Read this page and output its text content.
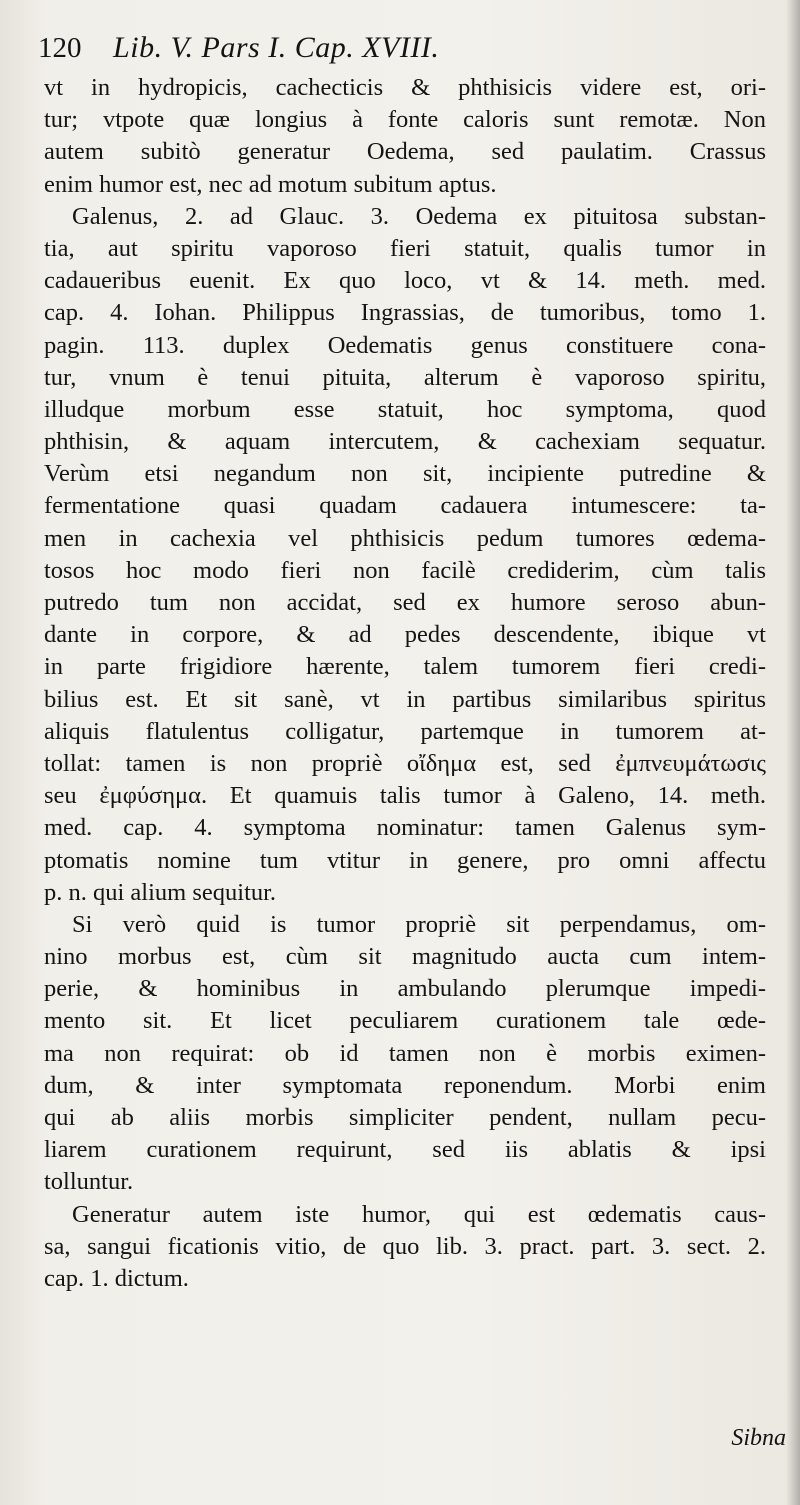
120 Lib. V. Pars I. Cap. XVIII.
vt in hydropicis, cachecticis & phthisicis videre est, ori-
tur; vtpote quæ longius à fonte caloris sunt remotæ. Non
autem subitò generatur Oedema, sed paulatim. Crassus
enim humor est, nec ad motum subitum aptus.
Galenus, 2. ad Glauc. 3. Oedema ex pituitosa substan-
tia, aut spiritu vaporoso fieri statuit, qualis tumor in
cadaueribus euenit. Ex quo loco, vt & 14. meth. med.
cap. 4. Iohan. Philippus Ingrassias, de tumoribus, tomo 1.
pagin. 113. duplex Oedematis genus constituere cona-
tur, vnum è tenui pituita, alterum è vaporoso spiritu,
illudque morbum esse statuit, hoc symptoma, quod
phthisin, & aquam intercutem, & cachexiam sequatur.
Verùm etsi negandum non sit, incipiente putredine &
fermentatione quasi quadam cadauera intumescere: ta-
men in cachexia vel phthisicis pedum tumores œdema-
tosos hoc modo fieri non facilè crediderim, cùm talis
putredo tum non accidat, sed ex humore seroso abun-
dante in corpore, & ad pedes descendente, ibique vt
in parte frigidiore hærente, talem tumorem fieri credi-
bilius est. Et sit sanè, vt in partibus similaribus spiritus
aliquis flatulentus colligatur, partemque in tumorem at-
tollat: tamen is non propriè οἴδημα est, sed ἐμπνευμάτωσις
seu ἐμφύσημα. Et quamuis talis tumor à Galeno, 14. meth.
med. cap. 4. symptoma nominatur: tamen Galenus sym-
ptomatis nomine tum vtitur in genere, pro omni affectu
p. n. qui alium sequitur.
Si verò quid is tumor propriè sit perpendamus, om-
nino morbus est, cùm sit magnitudo aucta cum intem-
perie, & hominibus in ambulando plerumque impedi-
mento sit. Et licet peculiarem curationem tale œde-
ma non requirat: ob id tamen non è morbis eximen-
dum, & inter symptomata reponendum. Morbi enim
qui ab aliis morbis simpliciter pendent, nullam pecu-
liarem curationem requirunt, sed iis ablatis & ipsi
tolluntur.
Generatur autem iste humor, qui est œdematis caus-
sa, sangui ficationis vitio, de quo lib. 3. pract. part. 3. sect. 2.
cap. 1. dictum.
Sibna
